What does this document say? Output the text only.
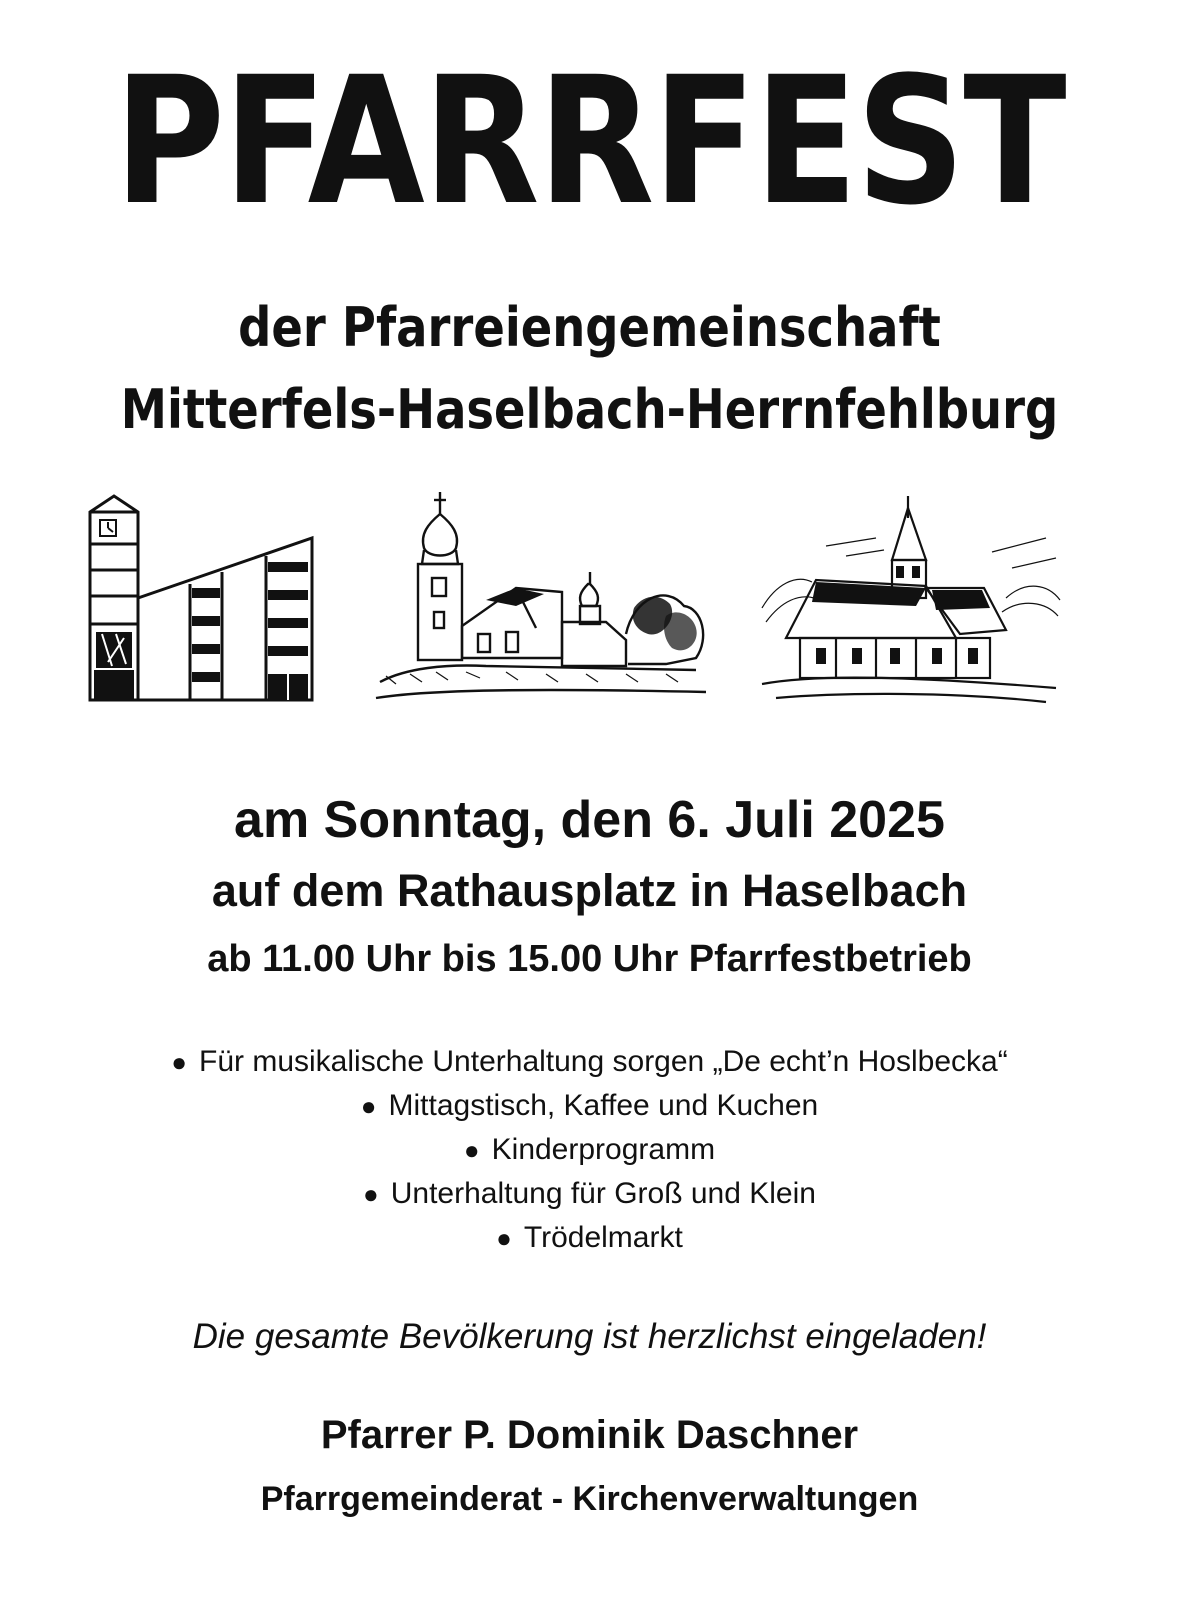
PFARRFEST
der Pfarreiengemeinschaft
Mitterfels-Haselbach-Herrnfehlburg
am Sonntag, den 6. Juli 2025
auf dem Rathausplatz in Haselbach
ab 11.00 Uhr bis 15.00 Uhr Pfarrfestbetrieb
● Für musikalische Unterhaltung sorgen „De echt’n Hoslbecka“
● Mittagstisch, Kaffee und Kuchen
● Kinderprogramm
● Unterhaltung für Groß und Klein
● Trödelmarkt
Die gesamte Bevölkerung ist herzlichst eingeladen!
Pfarrer P. Dominik Daschner
Pfarrgemeinderat - Kirchenverwaltungen
